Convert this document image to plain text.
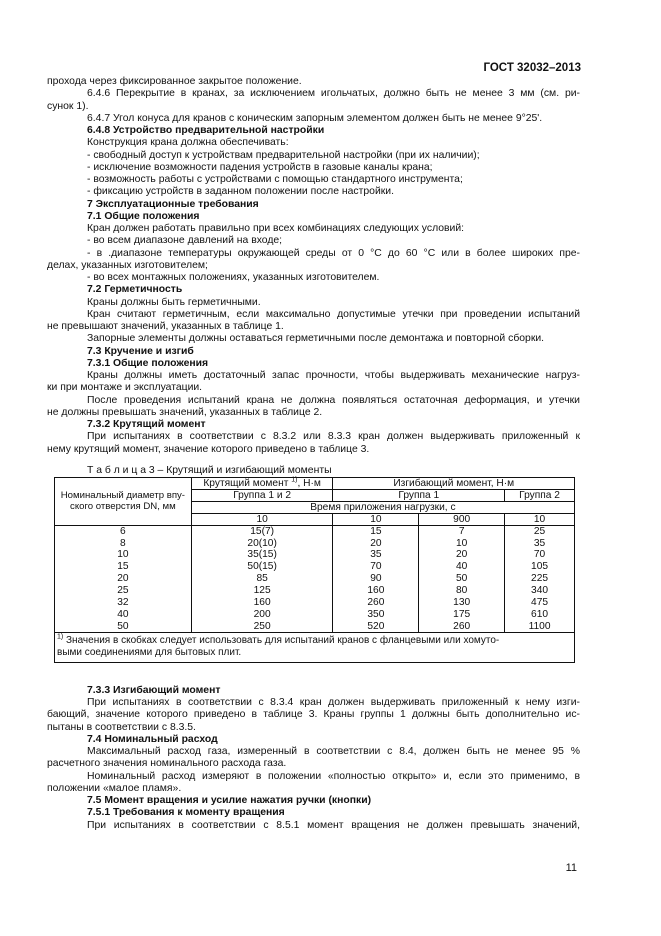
ГОСТ 32032–2013
прохода через фиксированное закрытое положение.
6.4.6 Перекрытие в кранах, за исключением игольчатых, должно быть не менее 3 мм (см. ри-
сунок 1).
6.4.7 Угол конуса для кранов с коническим запорным элементом должен быть не менее 9°25'.
6.4.8 Устройство предварительной настройки
Конструкция крана должна обеспечивать:
- свободный доступ к устройствам предварительной настройки (при их наличии);
- исключение возможности падения устройств в газовые каналы крана;
- возможность работы с устройствами с помощью стандартного инструмента;
- фиксацию устройств в заданном положении после настройки.
7 Эксплуатационные требования
7.1 Общие положения
Кран должен работать правильно при всех комбинациях следующих условий:
- во всем диапазоне давлений на входе;
- в .диапазоне температуры окружающей среды от 0 °С до 60 °С или в более широких пре-
делах, указанных изготовителем;
- во всех монтажных положениях, указанных изготовителем.
7.2 Герметичность
Краны должны быть герметичными.
Кран считают герметичным, если максимально допустимые утечки при проведении испытаний
не превышают значений, указанных в таблице 1.
Запорные элементы должны оставаться герметичными после демонтажа и повторной сборки.
7.3 Кручение и изгиб
7.3.1 Общие положения
Краны должны иметь достаточный запас прочности, чтобы выдерживать механические нагруз-
ки при монтаже и эксплуатации.
После проведения испытаний крана не должна появляться остаточная деформация, и утечки
не должны превышать значений, указанных в таблице 2.
7.3.2 Крутящий момент
При испытаниях в соответствии с 8.3.2 или 8.3.3 кран должен выдерживать приложенный к
нему крутящий момент, значение которого приведено в таблице 3.
Т а б л и ц а 3 – Крутящий и изгибающий моменты
Номинальный диаметр впу-ского отверстия DN, мм	Крутящий момент $^{1)}$, Н·м	Изгибающий момент, Н·м		
	Группа 1 и 2	Группа 1		Группа 2
	Время приложения нагрузки, с			
	10	10	900	10
6	15(7)	15	7	25
8	20(10)	20	10	35
10	35(15)	35	20	70
15	50(15)	70	40	105
20	85	90	50	225
25	125	160	80	340
32	160	260	130	475
40	200	350	175	610
50	250	520	260	1100
$^{1)}$ Значения в скобках следует использовать для испытаний кранов с фланцевыми или хомуто-
выми соединениями для бытовых плит.				
7.3.3 Изгибающий момент
При испытаниях в соответствии с 8.3.4 кран должен выдерживать приложенный к нему изги-
бающий, значение которого приведено в таблице 3. Краны группы 1 должны быть дополнительно ис-
пытаны в соответствии с 8.3.5.
7.4 Номинальный расход
Максимальный расход газа, измеренный в соответствии с 8.4, должен быть не менее 95 %
расчетного значения номинального расхода газа.
Номинальный расход измеряют в положении «полностью открыто» и, если это применимо, в
положении «малое пламя».
7.5 Момент вращения и усилие нажатия ручки (кнопки)
7.5.1 Требования к моменту вращения
При испытаниях в соответствии с 8.5.1 момент вращения не должен превышать значений,
11
